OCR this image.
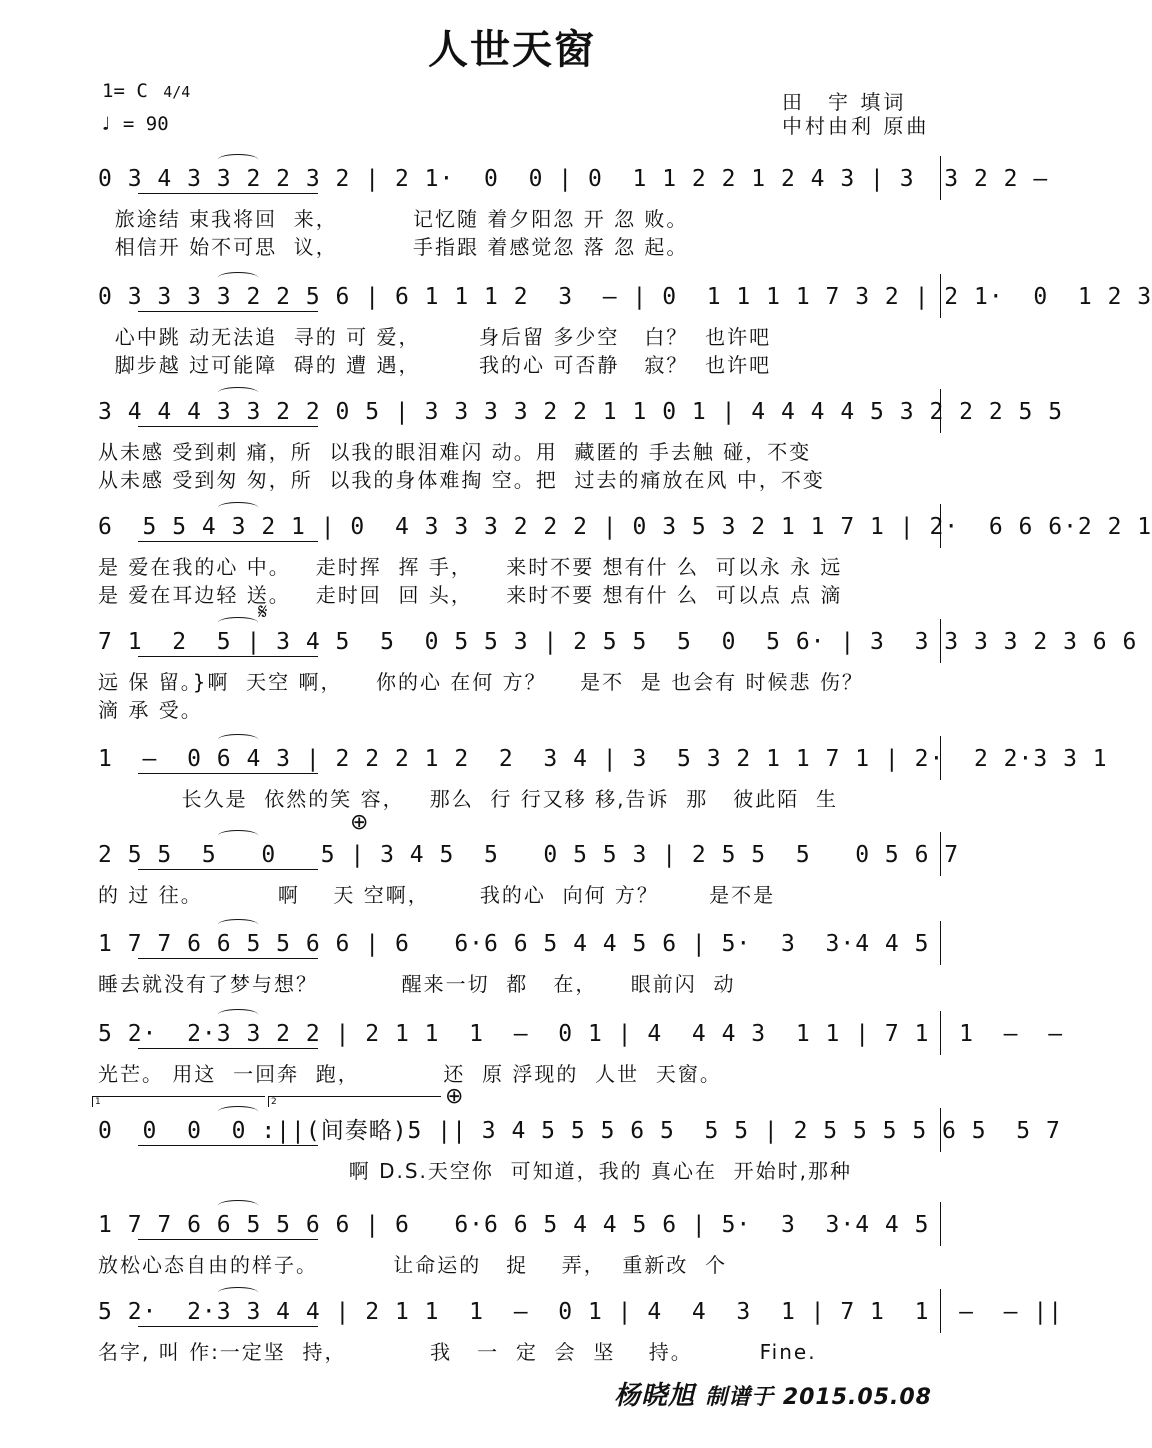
人世天窗
1= C 4/4
♩ = 90
田　宇 填词
中村由利 原曲
0 3 4 3 3 2 2 3 2 | 2 1·  0  0 | 0  1 1 2 2 1 2 4 3 | 3  3 2 2 —
旅途结 束我将回  来，         记忆随 着夕阳忽 开 忽 败。
相信开 始不可思  议，         手指跟 着感觉忽 落 忽 起。
0 3 3 3 3 2 2 5 6 | 6 1 1 1 2  3  — | 0  1 1 1 1 7 3 2 | 2 1·  0  1 2 3
心中跳 动无法追  寻的 可 爱，       身后留 多少空   白？  也许吧
脚步越 过可能障  碍的 遭 遇，       我的心 可否静   寂？  也许吧
3 4 4 4 3 3 2 2 0 5 | 3 3 3 3 2 2 1 1 0 1 | 4 4 4 4 5 3 2 2 2 5 5
从未感 受到刺 痛，所  以我的眼泪难闪 动。用  藏匿的 手去触 碰，不变
从未感 受到匆 匆，所  以我的身体难掏 空。把  过去的痛放在风 中，不变
6  5 5 4 3 2 1 | 0  4 3 3 3 2 2 2 | 0 3 5 3 2 1 1 7 1 | 2·  6 6 6·2 2 1
是 爱在我的心 中。   走时挥  挥 手，    来时不要 想有什 么  可以永 永 远
是 爱在耳边轻 送。   走时回  回 头，    来时不要 想有什 么  可以点 点 滴
7 1  2  5 | 3 4 5  5  0 5 5 3 | 2 5 5  5  0  5 6· | 3  3 3 3 3 2 3 6 6
远 保 留。}啊  天空 啊，    你的心 在何 方？    是不  是 也会有 时候悲 伤？
滴 承 受。
1  —  0 6 4 3 | 2 2 2 1 2  2  3 4 | 3  5 3 2 1 1 7 1 | 2·  2 2·3 3 1
长久是  依然的笑 容，   那么  行 行又移 移,告诉  那   彼此陌  生
2 5 5  5   0   5 | 3 4 5  5   0 5 5 3 | 2 5 5  5   0 5 6 7
的 过 往。         啊    天 空啊，      我的心  向何 方？      是不是
1 7 7 6 6 5 5 6 6 | 6   6·6 6 5 4 4 5 6 | 5·  3  3·4 4 5
睡去就没有了梦与想？          醒来一切  都   在，    眼前闪  动
5 2·  2·3 3 2 2 | 2 1 1  1  —  0 1 | 4  4 4 3  1 1 | 7 1  1  —  —
光芒。 用这  一回奔  跑，          还  原 浮现的  人世  天窗。
0  0  0  0 :||(间奏略)5 || 3 4 5 5 5 6 5  5 5 | 2 5 5 5 5 6 5  5 7
啊 D.S.天空你  可知道，我的 真心在  开始时,那种
1 7 7 6 6 5 5 6 6 | 6   6·6 6 5 4 4 5 6 | 5·  3  3·4 4 5
放松心态自由的样子。         让命运的   捉    弄，  重新改  个
5 2·  2·3 3 4 4 | 2 1 1  1  —  0 1 | 4  4  3  1 | 7 1  1  —  — ||
名字, 叫 作:一定坚  持，          我   一  定  会  坚    持。        Fine.
𝄋
⊕
⊕
1	2
杨晓旭 制谱于 2015.05.08
